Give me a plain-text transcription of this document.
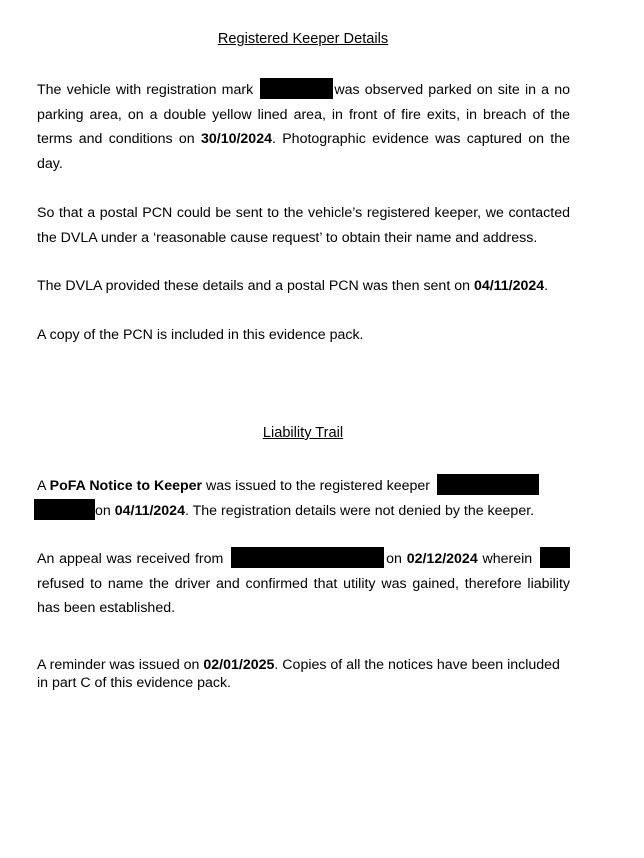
Registered Keeper Details
The vehicle with registration mark	was observed parked on site in a no parking area, on a double yellow lined area, in front of fire exits, in breach of the terms and conditions on 30/10/2024. Photographic evidence was captured on the day.
So that a postal PCN could be sent to the vehicle’s registered keeper, we contacted the DVLA under a ‘reasonable cause request’ to obtain their name and address.
The DVLA provided these details and a postal PCN was then sent on 04/11/2024.
A copy of the PCN is included in this evidence pack.
Liability Trail
A PoFA Notice to Keeper was issued to the registered keeper
on 04/11/2024. The registration details were not denied by the keeper.
An appeal was received from	on 02/12/2024 wherein  refused to name the driver and confirmed that utility was gained, therefore liability has been established.
A reminder was issued on 02/01/2025. Copies of all the notices have been included in part C of this evidence pack.
